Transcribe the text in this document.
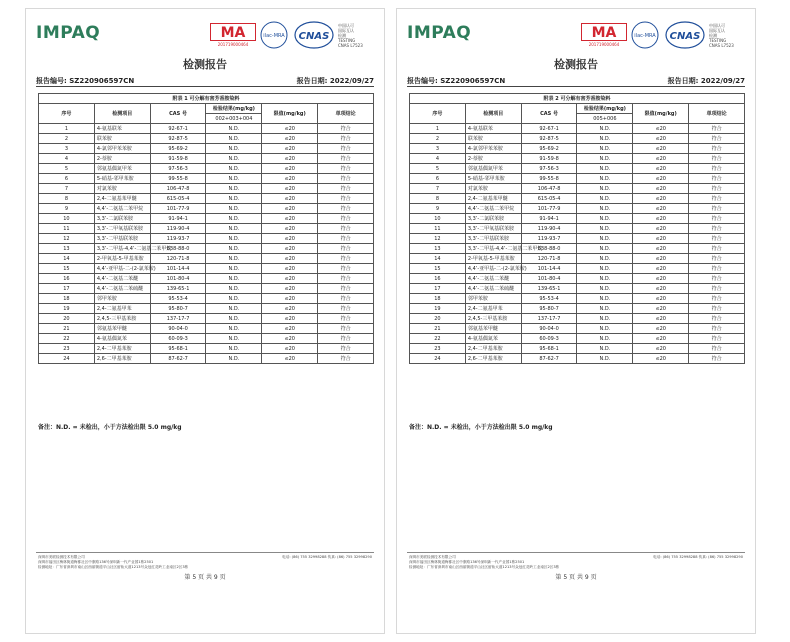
IMPAQ	MA
201719000464
ilac-MRA CNAS
中国认可
国际互认
检测
TESTING
CNAS L7523
检测报告
报告编号: SZ220906597CN	报告日期: 2022/09/27
附表 1 可分解有害芳香胺染料					
序号	检测项目	CAS 号	检验结果(mg/kg)	限值(mg/kg)	单项结论
			002+003+004		
1	4-氨基联苯	92-67-1	N.D.	≤20	符合
2	联苯胺	92-87-5	N.D.	≤20	符合
3	4-氯邻甲苯苯胺	95-69-2	N.D.	≤20	符合
4	2-萘胺	91-59-8	N.D.	≤20	符合
5	邻氨基偶氮甲苯	97-56-3	N.D.	≤20	符合
6	5-硝基-邻甲苯胺	99-55-8	N.D.	≤20	符合
7	对氯苯胺	106-47-8	N.D.	≤20	符合
8	2,4-二氨基苯甲醚	615-05-4	N.D.	≤20	符合
9	4,4’-二氨基二苯甲烷	101-77-9	N.D.	≤20	符合
10	3,3’-二氯联苯胺	91-94-1	N.D.	≤20	符合
11	3,3’-二甲氧基联苯胺	119-90-4	N.D.	≤20	符合
12	3,3’-二甲基联苯胺	119-93-7	N.D.	≤20	符合
13	3,3’-二甲基-4,4’-二氨基二苯甲烷	838-88-0	N.D.	≤20	符合
14	2-甲氧基-5-甲基苯胺	120-71-8	N.D.	≤20	符合
15	4,4’-亚甲基-二-(2-氯苯胺)	101-14-4	N.D.	≤20	符合
16	4,4’-二氨基二苯醚	101-80-4	N.D.	≤20	符合
17	4,4’-二氨基二苯硫醚	139-65-1	N.D.	≤20	符合
18	邻甲苯胺	95-53-4	N.D.	≤20	符合
19	2,4-二氨基甲苯	95-80-7	N.D.	≤20	符合
20	2,4,5-三甲基苯胺	137-17-7	N.D.	≤20	符合
21	邻氨基苯甲醚	90-04-0	N.D.	≤20	符合
22	4-氨基偶氮苯	60-09-3	N.D.	≤20	符合
23	2,4-二甲基苯胺	95-68-1	N.D.	≤20	符合
24	2,6-二甲基苯胺	87-62-7	N.D.	≤20	符合
备注：N.D. = 未检出，小于方法检出限 5.0 mg/kg
深圳市美联检测技术有限公司
深圳市福田区梅林街道梅都社区中康路136号深圳新一代产业园1栋2501
检测地址：广东省深圳市南山区西丽街道平山社区留仙大道1213号众冠红花岭工业南区2区3栋
电话: (86) 755 32998288 传真: (86) 755 32998290
第 5 页 共 9 页
IMPAQ	MA
201719000464
ilac-MRA CNAS
中国认可
国际互认
检测
TESTING
CNAS L7523
检测报告
报告编号: SZ220906597CN	报告日期: 2022/09/27
附表 2 可分解有害芳香胺染料					
序号	检测项目	CAS 号	检验结果(mg/kg)	限值(mg/kg)	单项结论
			005+006		
1	4-氨基联苯	92-67-1	N.D.	≤20	符合
2	联苯胺	92-87-5	N.D.	≤20	符合
3	4-氯邻甲苯苯胺	95-69-2	N.D.	≤20	符合
4	2-萘胺	91-59-8	N.D.	≤20	符合
5	邻氨基偶氮甲苯	97-56-3	N.D.	≤20	符合
6	5-硝基-邻甲苯胺	99-55-8	N.D.	≤20	符合
7	对氯苯胺	106-47-8	N.D.	≤20	符合
8	2,4-二氨基苯甲醚	615-05-4	N.D.	≤20	符合
9	4,4’-二氨基二苯甲烷	101-77-9	N.D.	≤20	符合
10	3,3’-二氯联苯胺	91-94-1	N.D.	≤20	符合
11	3,3’-二甲氧基联苯胺	119-90-4	N.D.	≤20	符合
12	3,3’-二甲基联苯胺	119-93-7	N.D.	≤20	符合
13	3,3’-二甲基-4,4’-二氨基二苯甲烷	838-88-0	N.D.	≤20	符合
14	2-甲氧基-5-甲基苯胺	120-71-8	N.D.	≤20	符合
15	4,4’-亚甲基-二-(2-氯苯胺)	101-14-4	N.D.	≤20	符合
16	4,4’-二氨基二苯醚	101-80-4	N.D.	≤20	符合
17	4,4’-二氨基二苯硫醚	139-65-1	N.D.	≤20	符合
18	邻甲苯胺	95-53-4	N.D.	≤20	符合
19	2,4-二氨基甲苯	95-80-7	N.D.	≤20	符合
20	2,4,5-三甲基苯胺	137-17-7	N.D.	≤20	符合
21	邻氨基苯甲醚	90-04-0	N.D.	≤20	符合
22	4-氨基偶氮苯	60-09-3	N.D.	≤20	符合
23	2,4-二甲基苯胺	95-68-1	N.D.	≤20	符合
24	2,6-二甲基苯胺	87-62-7	N.D.	≤20	符合
备注：N.D. = 未检出，小于方法检出限 5.0 mg/kg
深圳市美联检测技术有限公司
深圳市福田区梅林街道梅都社区中康路136号深圳新一代产业园1栋2501
检测地址：广东省深圳市南山区西丽街道平山社区留仙大道1213号众冠红花岭工业南区2区3栋
电话: (86) 755 32998288 传真: (86) 755 32998290
第 5 页 共 9 页
